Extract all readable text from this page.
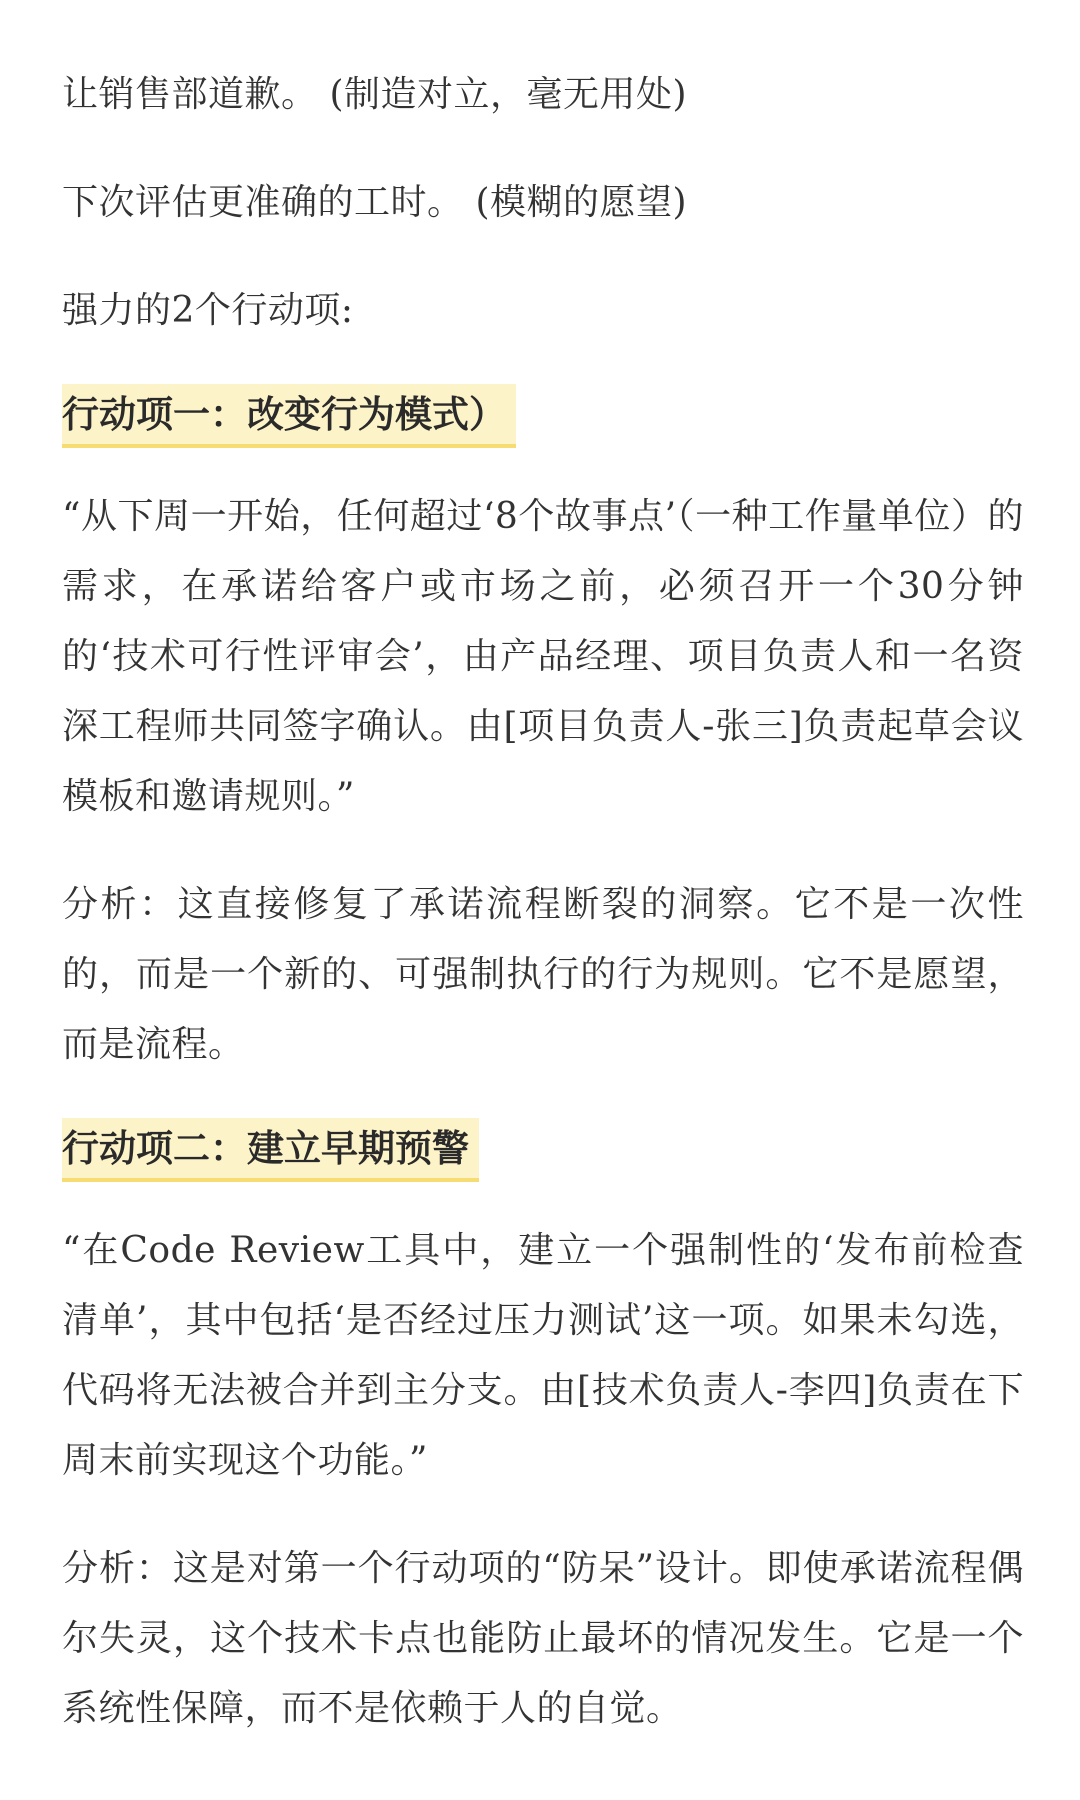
让销售部道歉。 (制造对立，毫无用处)

下次评估更准确的工时。 (模糊的愿望)

强力的2个行动项:

行动项一：改变行为模式）

“从下周一开始，任何超过‘8个故事点’（一种工作量单位）的需求，在承诺给客户或市场之前，必须召开一个30分钟的‘技术可行性评审会’，由产品经理、项目负责人和一名资深工程师共同签字确认。由[项目负责人-张三]负责起草会议模板和邀请规则。”

分析：这直接修复了承诺流程断裂的洞察。它不是一次性的，而是一个新的、可强制执行的行为规则。它不是愿望，而是流程。

行动项二：建立早期预警

“在Code Review工具中，建立一个强制性的‘发布前检查清单’，其中包括‘是否经过压力测试’这一项。如果未勾选，代码将无法被合并到主分支。由[技术负责人-李四]负责在下周末前实现这个功能。”

分析：这是对第一个行动项的“防呆”设计。即使承诺流程偶尔失灵，这个技术卡点也能防止最坏的情况发生。它是一个系统性保障，而不是依赖于人的自觉。
